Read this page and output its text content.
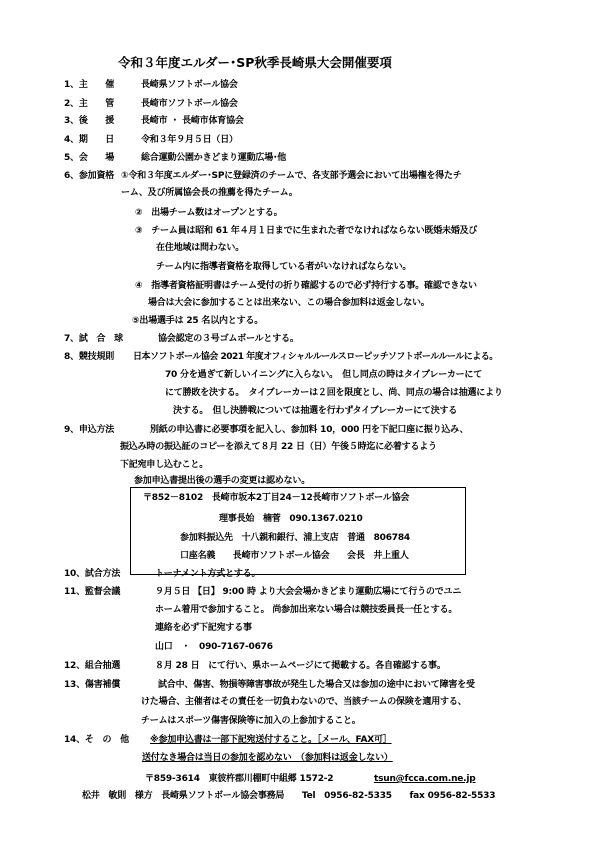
令和３年度エルダー･SP秋季長崎県大会開催要項
1、主　　催	長崎県ソフトボール協会
2、主　　管	長崎市ソフトボール協会
3、後　　援	長崎市 ・ 長崎市体育協会
4、期　　日	令和３年９月５日（日）
5、会　　場	総合運動公園かきどまり運動広場･他
6、参加資格 ①令和３年度エルダー･SPに登録済のチームで、各支部予選会において出場権を得たチ
ーム、及び所属協会長の推薦を得たチーム。
②　出場チーム数はオープンとする。
③　チーム員は昭和 61 年４月１日までに生まれた者でなければならない既婚未婚及び
在住地域は問わない。
チーム内に指導者資格を取得している者がいなければならない。
④　指導者資格証明書はチーム受付の折り確認するので必ず持行する事。確認できない
場合は大会に参加することは出来ない、この場合参加料は返金しない。
⑤出場選手は 25 名以内とする。
7、試　合　球	協会認定の３号ゴムボールとする。
8、競技規則 日本ソフトボール協会 2021 年度オフィシャルルールスローピッチソフトボールルールによる。
70 分を過ぎて新しいイニングに入らない。　但し同点の時はタイブレーカーにて
にて勝敗を決する。　タイブレーカーは２回を限度とし、尚、同点の場合は抽選により
決する。　但し決勝戦については抽選を行わずタイブレーカーにて決する
9、申込方法	別紙の申込書に必要事項を記入し、参加料 10，000 円を下記口座に振り込み、
振込み時の振込証のコピーを添えて８月 22 日（日）午後５時迄に必着するよう
下記宛申し込むこと。
参加申込書提出後の選手の変更は認めない。
〒852－8102　長崎市坂本2丁目24－12長崎市ソフトボール協会
理事長始　楠菅　090.1367.0210
参加料振込先　十八親和銀行、浦上支店　普通　806784
口座名義　　長崎市ソフトボール協会　　会長　井上重人
10、試合方法	トーナメント方式とする。
11、監督会議	９月５日 【日】 9:00 時 より大会会場かきどまり運動広場にて行うのでユニ
ホーム着用で参加すること。 尚参加出来ない場合は競技委員長一任とする。
連絡を必ず下記宛する事
山口　・　090-7167-0676
12、組合抽選	８月 28 日　にて行い、県ホームページにて掲載する。各自確認する事。
13、傷害補償	試合中、傷害、物損等障害事故が発生した場合又は参加の途中において障害を受
けた場合、主催者はその責任を一切負わないので、当該チームの保険を適用する、
チームはスポーツ傷害保険等に加入の上参加すること。
14、そ　の　他 ※参加申込書は一部下記宛送付すること。［メール、FAX可］
送付なき場合は当日の参加を認めない　（参加料は返金しない）
〒859-3614　東彼杵郡川棚町中組郷 1572-2	tsun@fcca.com.ne.jp
松井　敏則　様方　長崎県ソフトボール協会事務局　　Tel　0956-82-5335　　fax 0956-82-5533
